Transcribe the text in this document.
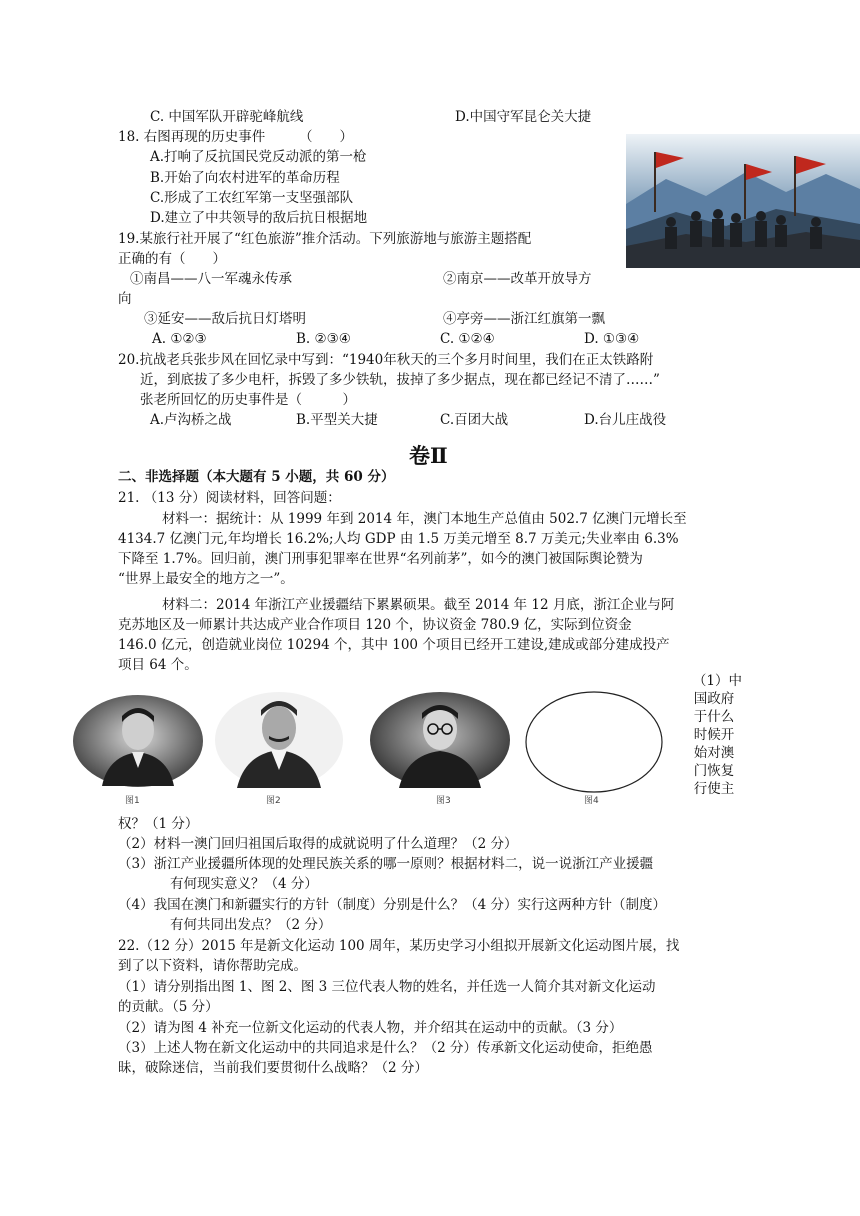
C. 中国军队开辟驼峰航线	D.中国守军昆仑关大捷
18. 右图再现的历史事件　　　（　　）
A.打响了反抗国民党反动派的第一枪
B.开始了向农村进军的革命历程
C.形成了工农红军第一支坚强部队
D.建立了中共领导的敌后抗日根据地
19.某旅行社开展了“红色旅游”推介活动。下列旅游地与旅游主题搭配
正确的有（　　）
①南昌——八一军魂永传承	②南京——改革开放导方
向
③延安——敌后抗日灯塔明	④亭旁——浙江红旗第一飘
A. ①②③	B. ②③④	C. ①②④	D. ①③④
20.抗战老兵张步风在回忆录中写到：“1940年秋天的三个多月时间里，我们在正太铁路附
近，到底拔了多少电杆，拆毁了多少铁轨，拔掉了多少据点，现在都已经记不清了……”
张老所回忆的历史事件是（　　　）
A.卢沟桥之战	B.平型关大捷	C.百团大战	D.台儿庄战役
卷Ⅱ
二、非选择题（本大题有 5 小题，共 60 分）
21. （13 分）阅读材料，回答问题：
材料一：据统计：从 1999 年到 2014 年，澳门本地生产总值由 502.7 亿澳门元增长至
4134.7 亿澳门元,年均增长 16.2%;人均 GDP 由 1.5 万美元增至 8.7 万美元;失业率由 6.3%
下降至 1.7%。回归前，澳门刑事犯罪率在世界“名列前茅”，如今的澳门被国际舆论赞为
“世界上最安全的地方之一”。
材料二：2014 年浙江产业援疆结下累累硕果。截至 2014 年 12 月底，浙江企业与阿
克苏地区及一师累计共达成产业合作项目 120 个，协议资金 780.9 亿，实际到位资金
146.0 亿元，创造就业岗位 10294 个，其中 100 个项目已经开工建设,建成或部分建成投产
项目 64 个。
图1	图2	图3	图4
（1）中
国政府
于什么
时候开
始对澳
门恢复
行使主
权？（1 分）
（2）材料一澳门回归祖国后取得的成就说明了什么道理？（2 分）
（3）浙江产业援疆所体现的处理民族关系的哪一原则？根据材料二，说一说浙江产业援疆
有何现实意义？（4 分）
（4）我国在澳门和新疆实行的方针（制度）分别是什么？（4 分）实行这两种方针（制度）
有何共同出发点？（2 分）
22.（12 分）2015 年是新文化运动 100 周年，某历史学习小组拟开展新文化运动图片展，找
到了以下资料，请你帮助完成。
（1）请分别指出图 1、图 2、图 3 三位代表人物的姓名，并任选一人简介其对新文化运动
的贡献。（5 分）
（2）请为图 4 补充一位新文化运动的代表人物，并介绍其在运动中的贡献。（3 分）
（3）上述人物在新文化运动中的共同追求是什么？（2 分）传承新文化运动使命，拒绝愚
昧，破除迷信，当前我们要贯彻什么战略？（2 分）
